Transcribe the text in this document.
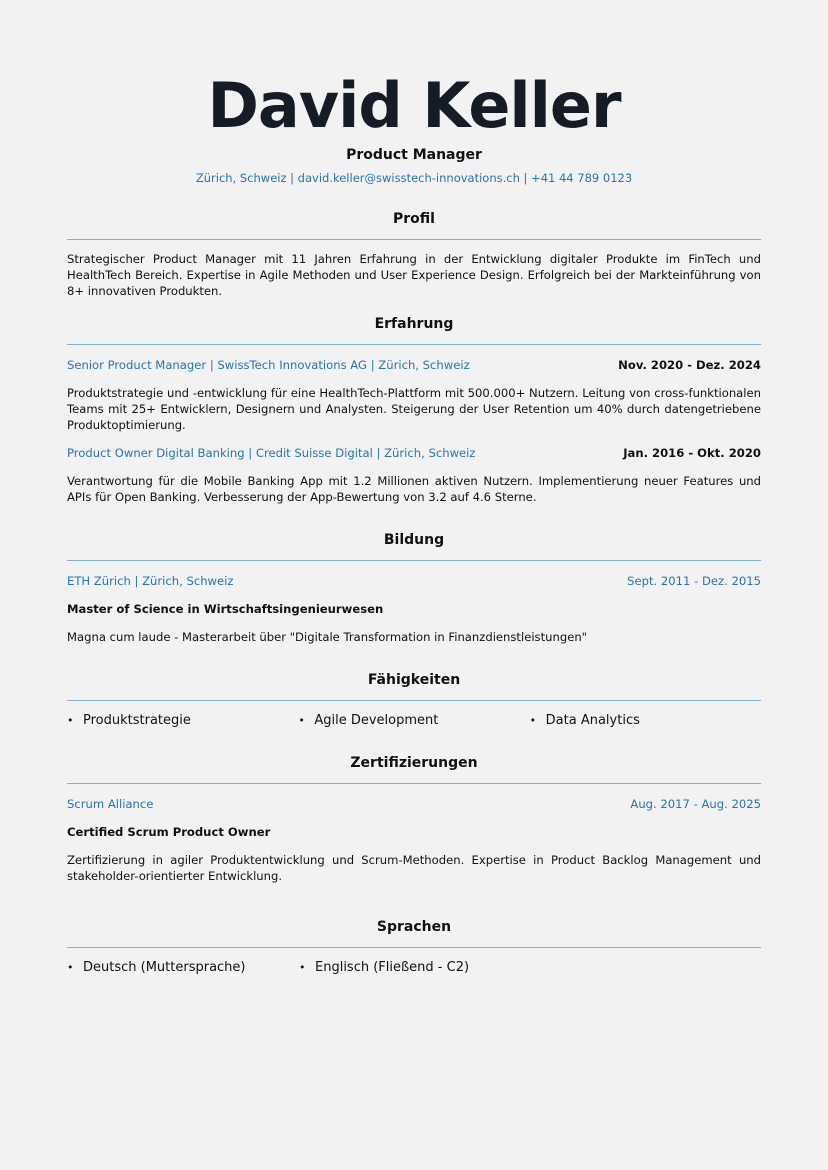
David Keller
Product Manager
Zürich, Schweiz | david.keller@swisstech-innovations.ch | +41 44 789 0123
Profil

Strategischer Product Manager mit 11 Jahren Erfahrung in der Entwicklung digitaler Produkte im FinTech und HealthTech Bereich. Expertise in Agile Methoden und User Experience Design. Erfolgreich bei der Markteinführung von 8+ innovativen Produkten.

Erfahrung
Senior Product Manager | SwissTech Innovations AG | Zürich, Schweiz	Nov. 2020 - Dez. 2024

Produktstrategie und -entwicklung für eine HealthTech-Plattform mit 500.000+ Nutzern. Leitung von cross-funktionalen Teams mit 25+ Entwicklern, Designern und Analysten. Steigerung der User Retention um 40% durch datengetriebene Produktoptimierung.

Product Owner Digital Banking | Credit Suisse Digital | Zürich, Schweiz	Jan. 2016 - Okt. 2020

Verantwortung für die Mobile Banking App mit 1.2 Millionen aktiven Nutzern. Implementierung neuer Features und APIs für Open Banking. Verbesserung der App-Bewertung von 3.2 auf 4.6 Sterne.

Bildung
ETH Zürich | Zürich, Schweiz	Sept. 2011 - Dez. 2015
Master of Science in Wirtschaftsingenieurwesen

Magna cum laude - Masterarbeit über "Digitale Transformation in Finanzdienstleistungen"

Fähigkeiten
• Produktstrategie	• Agile Development	• Data Analytics
Zertifizierungen
Scrum Alliance	Aug. 2017 - Aug. 2025
Certified Scrum Product Owner

Zertifizierung in agiler Produktentwicklung und Scrum-Methoden. Expertise in Product Backlog Management und stakeholder-orientierter Entwicklung.

Sprachen
• Deutsch (Muttersprache)	• Englisch (Fließend - C2)
